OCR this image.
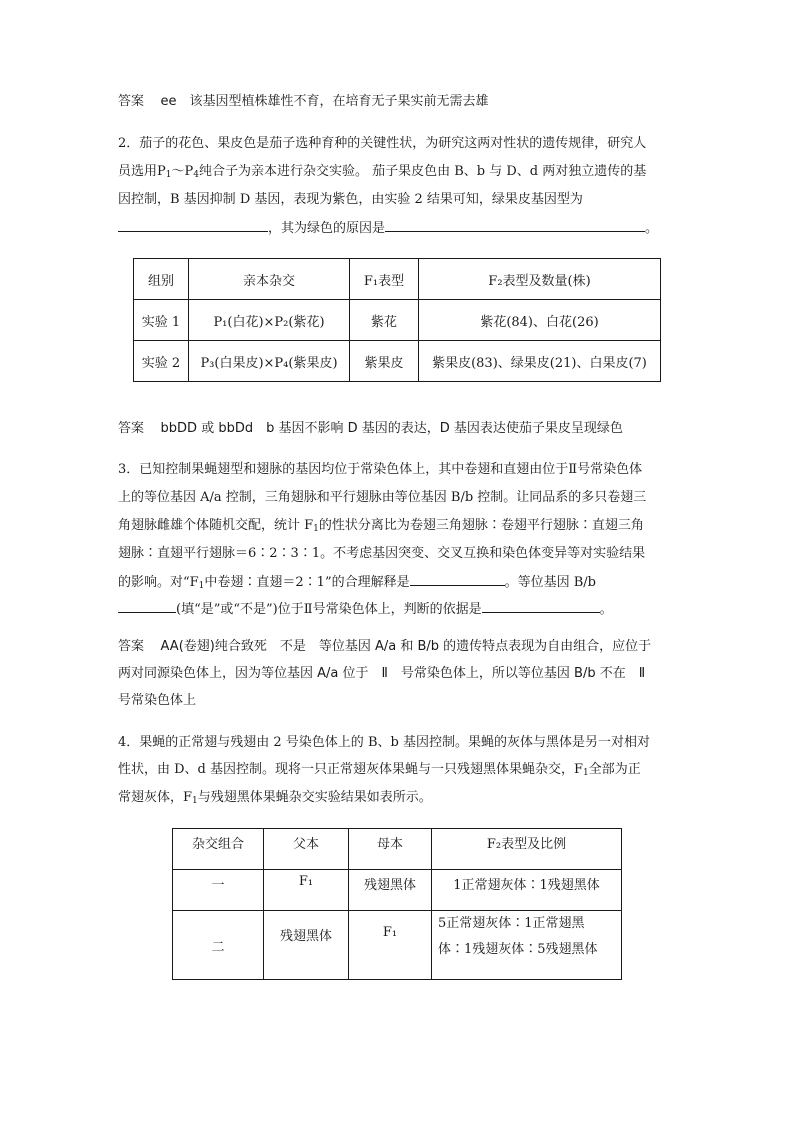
答案 ee　该基因型植株雄性不育，在培育无子果实前无需去雄
2．茄子的花色、果皮色是茄子选种育种的关键性状，为研究这两对性状的遗传规律，研究人
员选用$P_1\sim P_4$纯合子为亲本进行杂交实验。 茄子果皮色由 B、b 与 D、d 两对独立遗传的基
因控制，B 基因抑制 D 基因，表现为紫色，由实验 2 结果可知，绿果皮基因型为
，其为绿色的原因是	。
组别	亲本杂交	F₁表型	F₂表型及数量(株)
实验 1	P₁(白花)×P₂(紫花)	紫花	紫花(84)、白花(26)
实验 2	P₃(白果皮)×P₄(紫果皮)	紫果皮	紫果皮(83)、绿果皮(21)、白果皮(7)
答案 bbDD 或 bbDd　b 基因不影响 D 基因的表达，D 基因表达使茄子果皮呈现绿色
3．已知控制果蝇翅型和翅脉的基因均位于常染色体上，其中卷翅和直翅由位于Ⅱ号常染色体
上的等位基因 A/a 控制，三角翅脉和平行翅脉由等位基因 B/b 控制。让同品系的多只卷翅三
角翅脉雌雄个体随机交配，统计 $F_1$的性状分离比为卷翅三角翅脉∶卷翅平行翅脉∶直翅三角
翅脉∶直翅平行翅脉＝6∶2∶3∶1。不考虑基因突变、交叉互换和染色体变异等对实验结果
的影响。对“$F_1$中卷翅∶直翅＝2∶1”的合理解释是	。等位基因 B/b
(填“是”或“不是”)位于Ⅱ号常染色体上，判断的依据是	。
答案 AA(卷翅)纯合致死　不是　等位基因 A/a 和 B/b 的遗传特点表现为自由组合，应位于
两对同源染色体上，因为等位基因 A/a 位于　Ⅱ　号常染色体上，所以等位基因 B/b 不在　Ⅱ
号常染色体上
4．果蝇的正常翅与残翅由 2 号染色体上的 B、b 基因控制。果蝇的灰体与黑体是另一对相对
性状，由 D、d 基因控制。现将一只正常翅灰体果蝇与一只残翅黑体果蝇杂交，$F_1$全部为正
常翅灰体，$F_1$与残翅黑体果蝇杂交实验结果如表所示。
杂交组合	父本	母本	F₂表型及比例
一	F₁	残翅黑体	1正常翅灰体∶1残翅黑体
二	残翅黑体	F₁	5正常翅灰体∶1正常翅黑
体∶1残翅灰体∶5残翅黑体
